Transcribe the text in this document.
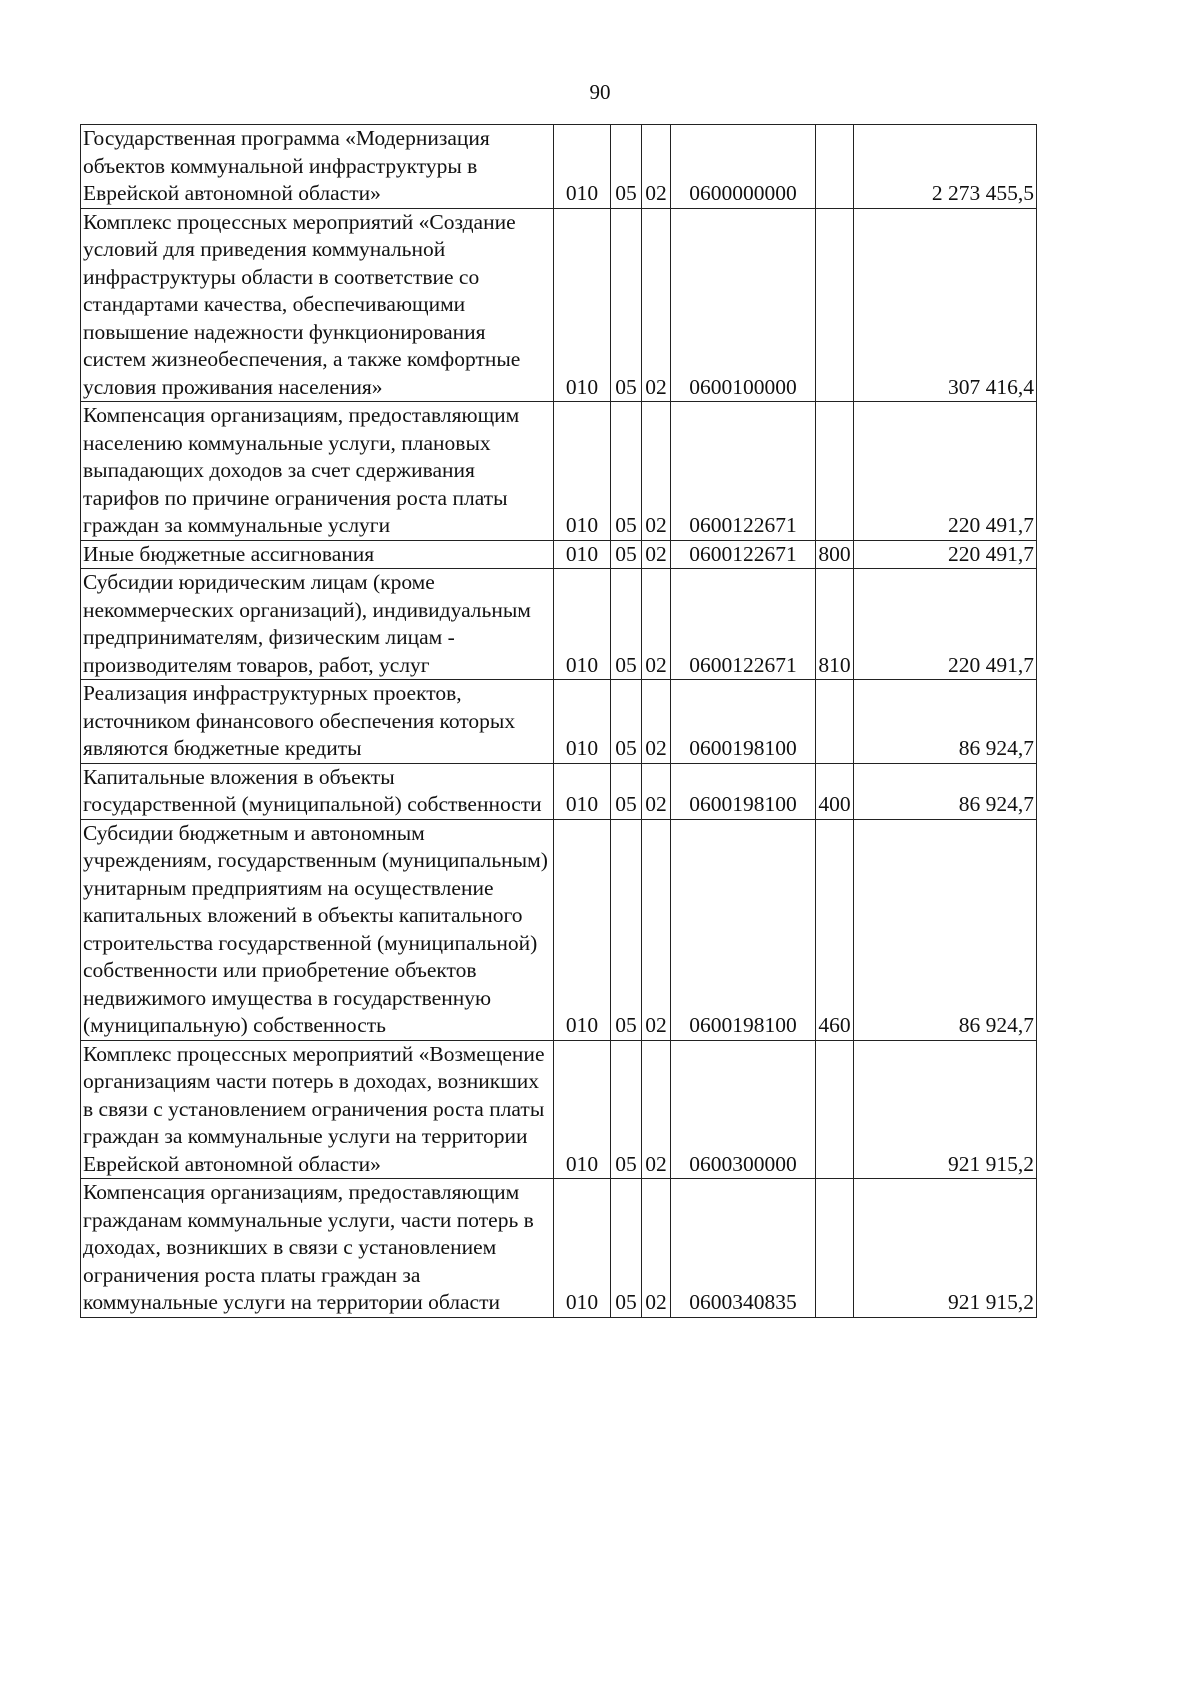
90
Государственная программа «Модернизация объектов коммунальной инфраструктуры в Еврейской автономной области»	010	05	02	0600000000		2 273 455,5
Комплекс процессных мероприятий «Создание условий для приведения коммунальной инфраструктуры области в соответствие со стандартами качества, обеспечивающими повышение надежности функционирования систем жизнеобеспечения, а также комфортные условия проживания населения»	010	05	02	0600100000		307 416,4
Компенсация организациям, предоставляющим населению коммунальные услуги, плановых выпадающих доходов за счет сдерживания тарифов по причине ограничения роста платы граждан за коммунальные услуги	010	05	02	0600122671		220 491,7
Иные бюджетные ассигнования	010	05	02	0600122671	800	220 491,7
Субсидии юридическим лицам (кроме некоммерческих организаций), индивидуальным предпринимателям, физическим лицам - производителям товаров, работ, услуг	010	05	02	0600122671	810	220 491,7
Реализация инфраструктурных проектов, источником финансового обеспечения которых являются бюджетные кредиты	010	05	02	0600198100		86 924,7
Капитальные вложения в объекты государственной (муниципальной) собственности	010	05	02	0600198100	400	86 924,7
Субсидии бюджетным и автономным учреждениям, государственным (муниципальным) унитарным предприятиям на осуществление капитальных вложений в объекты капитального строительства государственной (муниципальной) собственности или приобретение объектов недвижимого имущества в государственную (муниципальную) собственность	010	05	02	0600198100	460	86 924,7
Комплекс процессных мероприятий «Возмещение организациям части потерь в доходах, возникших в связи с установлением ограничения роста платы граждан за коммунальные услуги на территории Еврейской автономной области»	010	05	02	0600300000		921 915,2
Компенсация организациям, предоставляющим гражданам коммунальные услуги, части потерь в доходах, возникших в связи с установлением ограничения роста платы граждан за коммунальные услуги на территории области	010	05	02	0600340835		921 915,2
